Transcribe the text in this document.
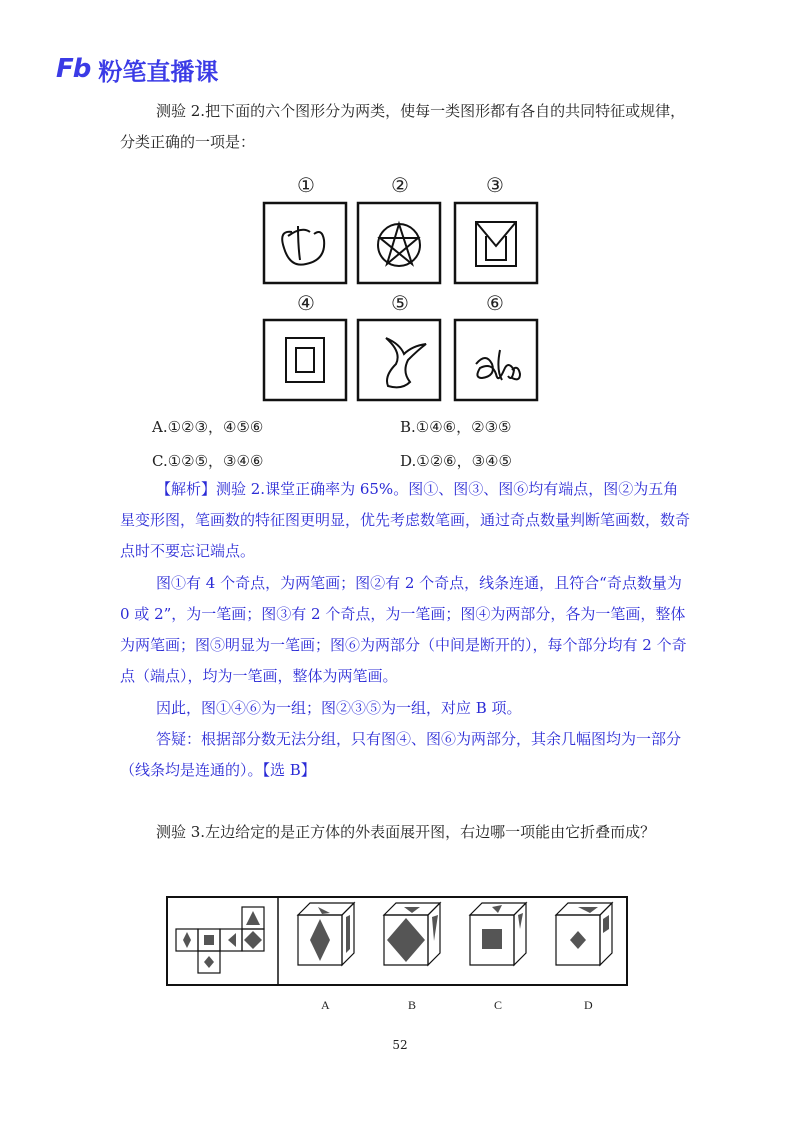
Fb 粉笔直播课

测验 2.把下面的六个图形分为两类，使每一类图形都有各自的共同特征或规律，分类正确的一项是：

①	②	③
④	⑤	⑥
A.①②③，④⑤⑥	B.①④⑥，②③⑤
C.①②⑤，③④⑥	D.①②⑥，③④⑤

【解析】测验 2.课堂正确率为 65%。图①、图③、图⑥均有端点，图②为五角星变形图，笔画数的特征图更明显，优先考虑数笔画，通过奇点数量判断笔画数，数奇点时不要忘记端点。

图①有 4 个奇点，为两笔画；图②有 2 个奇点，线条连通，且符合“奇点数量为 0 或 2”，为一笔画；图③有 2 个奇点，为一笔画；图④为两部分，各为一笔画，整体为两笔画；图⑤明显为一笔画；图⑥为两部分（中间是断开的），每个部分均有 2 个奇点（端点），均为一笔画，整体为两笔画。

因此，图①④⑥为一组；图②③⑤为一组，对应 B 项。

答疑：根据部分数无法分组，只有图④、图⑥为两部分，其余几幅图均为一部分（线条均是连通的）。【选 B】

测验 3.左边给定的是正方体的外表面展开图，右边哪一项能由它折叠而成？

A	B	C	D
52
